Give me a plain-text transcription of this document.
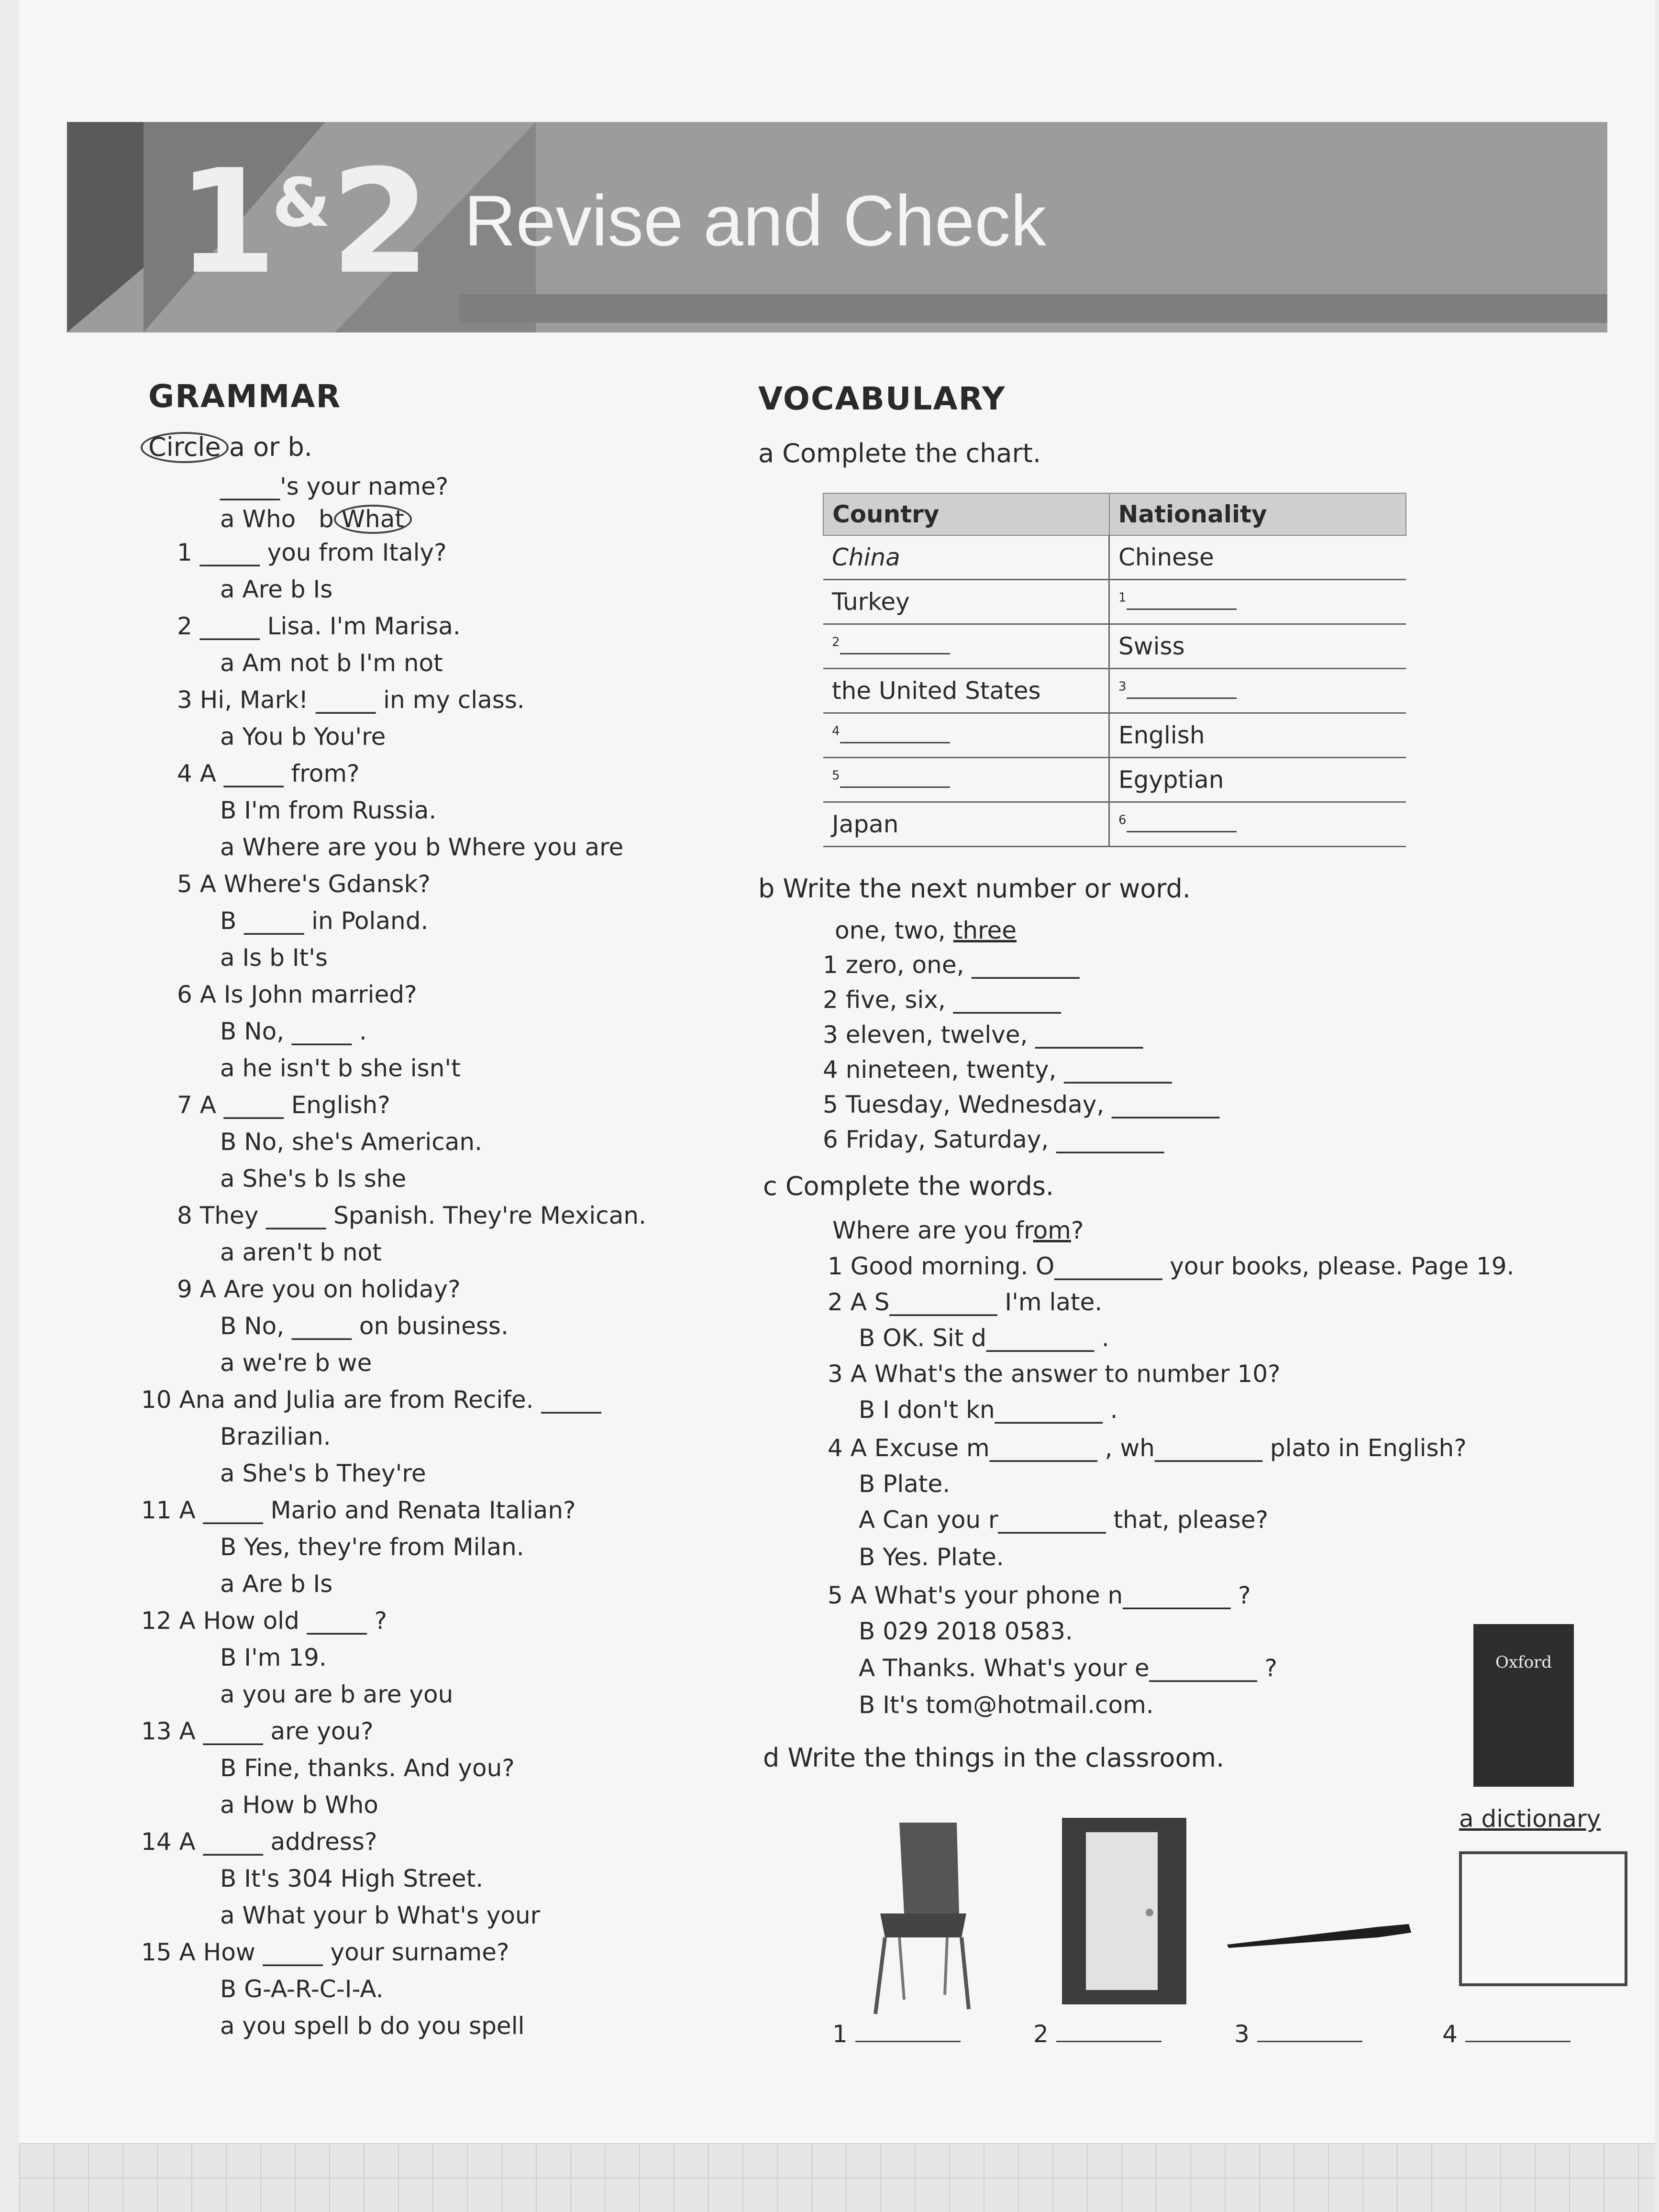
1&2 Revise and Check
GRAMMAR
Circle a or b.
_____'s your name?
a Who b What
1 _____ you from Italy?
a Are b Is
2 _____ Lisa. I'm Marisa.
a Am not b I'm not
3 Hi, Mark! _____ in my class.
a You b You're
4 A _____ from?
B I'm from Russia.
a Where are you b Where you are
5 A Where's Gdansk?
B _____ in Poland.
a Is b It's
6 A Is John married?
B No, _____ .
a he isn't b she isn't
7 A _____ English?
B No, she's American.
a She's b Is she
8 They _____ Spanish. They're Mexican.
a aren't b not
9 A Are you on holiday?
B No, _____ on business.
a we're b we
10 Ana and Julia are from Recife. _____
Brazilian.
a She's b They're
11 A _____ Mario and Renata Italian?
B Yes, they're from Milan.
a Are b Is
12 A How old _____ ?
B I'm 19.
a you are b are you
13 A _____ are you?
B Fine, thanks. And you?
a How b Who
14 A _____ address?
B It's 304 High Street.
a What your b What's your
15 A How _____ your surname?
B G-A-R-C-I-A.
a you spell b do you spell
VOCABULARY
a Complete the chart.
Country	Nationality
China	Chinese
Turkey	$^1$
$^2$	Swiss
the United States	$^3$
$^4$	English
$^5$	Egyptian
Japan	$^6$
b Write the next number or word.
one, two, three
1 zero, one, _________
2 five, six, _________
3 eleven, twelve, _________
4 nineteen, twenty, _________
5 Tuesday, Wednesday, _________
6 Friday, Saturday, _________
c Complete the words.
Where are you from?
1 Good morning. O_________ your books, please. Page 19.
2 A S_________ I'm late.
B OK. Sit d_________ .
3 A What's the answer to number 10?
B I don't kn_________ .
4 A Excuse m_________ , wh_________ plato in English?
B Plate.
A Can you r_________ that, please?
B Yes. Plate.
5 A What's your phone n_________ ?
B 029 2018 0583.
A Thanks. What's your e_________ ?
B It's tom@hotmail.com.
d Write the things in the classroom.
Oxford
a dictionary
1	2	3	4
